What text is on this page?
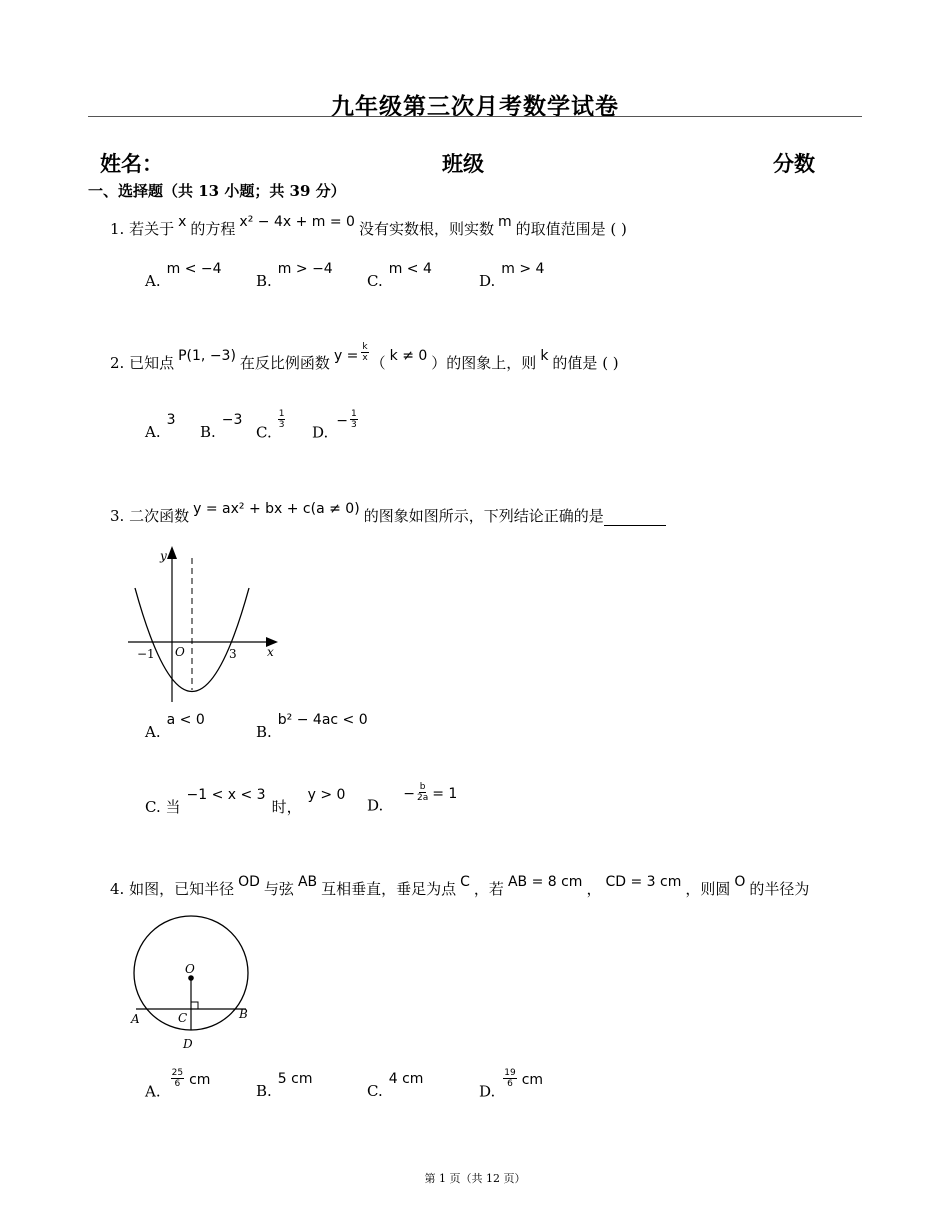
九年级第三次月考数学试卷
姓名：	班级	分数
一、选择题（共 13 小题；共 39 分）
1. 若关于 x 的方程 x² − 4x + m = 0 没有实数根，则实数 m 的取值范围是 ( )
A.m < −4
B.m > −4
C.m < 4
D.m > 4
2. 已知点 P(1, −3) 在反比例函数 $y = \frac{k}{x}$
（ k ≠ 0 ）的图象上，则 k 的值是 ( )
A.3
B.−3
C.
$\frac{1}{3}$
$D.- \frac{1}{3}$
3. 二次函数 y = ax² + bx + c(a ≠ 0) 的图象如图所示，下列结论正确的是
y
x
O
−1	3
A.a < 0
B.b² − 4ac < 0
C. 当−1 < x < 3时，y > 0
$D.- \frac{b}{2a} = 1$
4. 如图，已知半径 OD 与弦 AB 互相垂直，垂足为点 C ，若 AB = 8 cm ， CD = 3 cm ，则圆 O 的半径为
O
A	B
C
D
A.
$\frac{25}{6}$ cm
B.5 cm
C.4 cm
D.
$\frac{19}{6}$ cm
第 1 页（共 12 页）
